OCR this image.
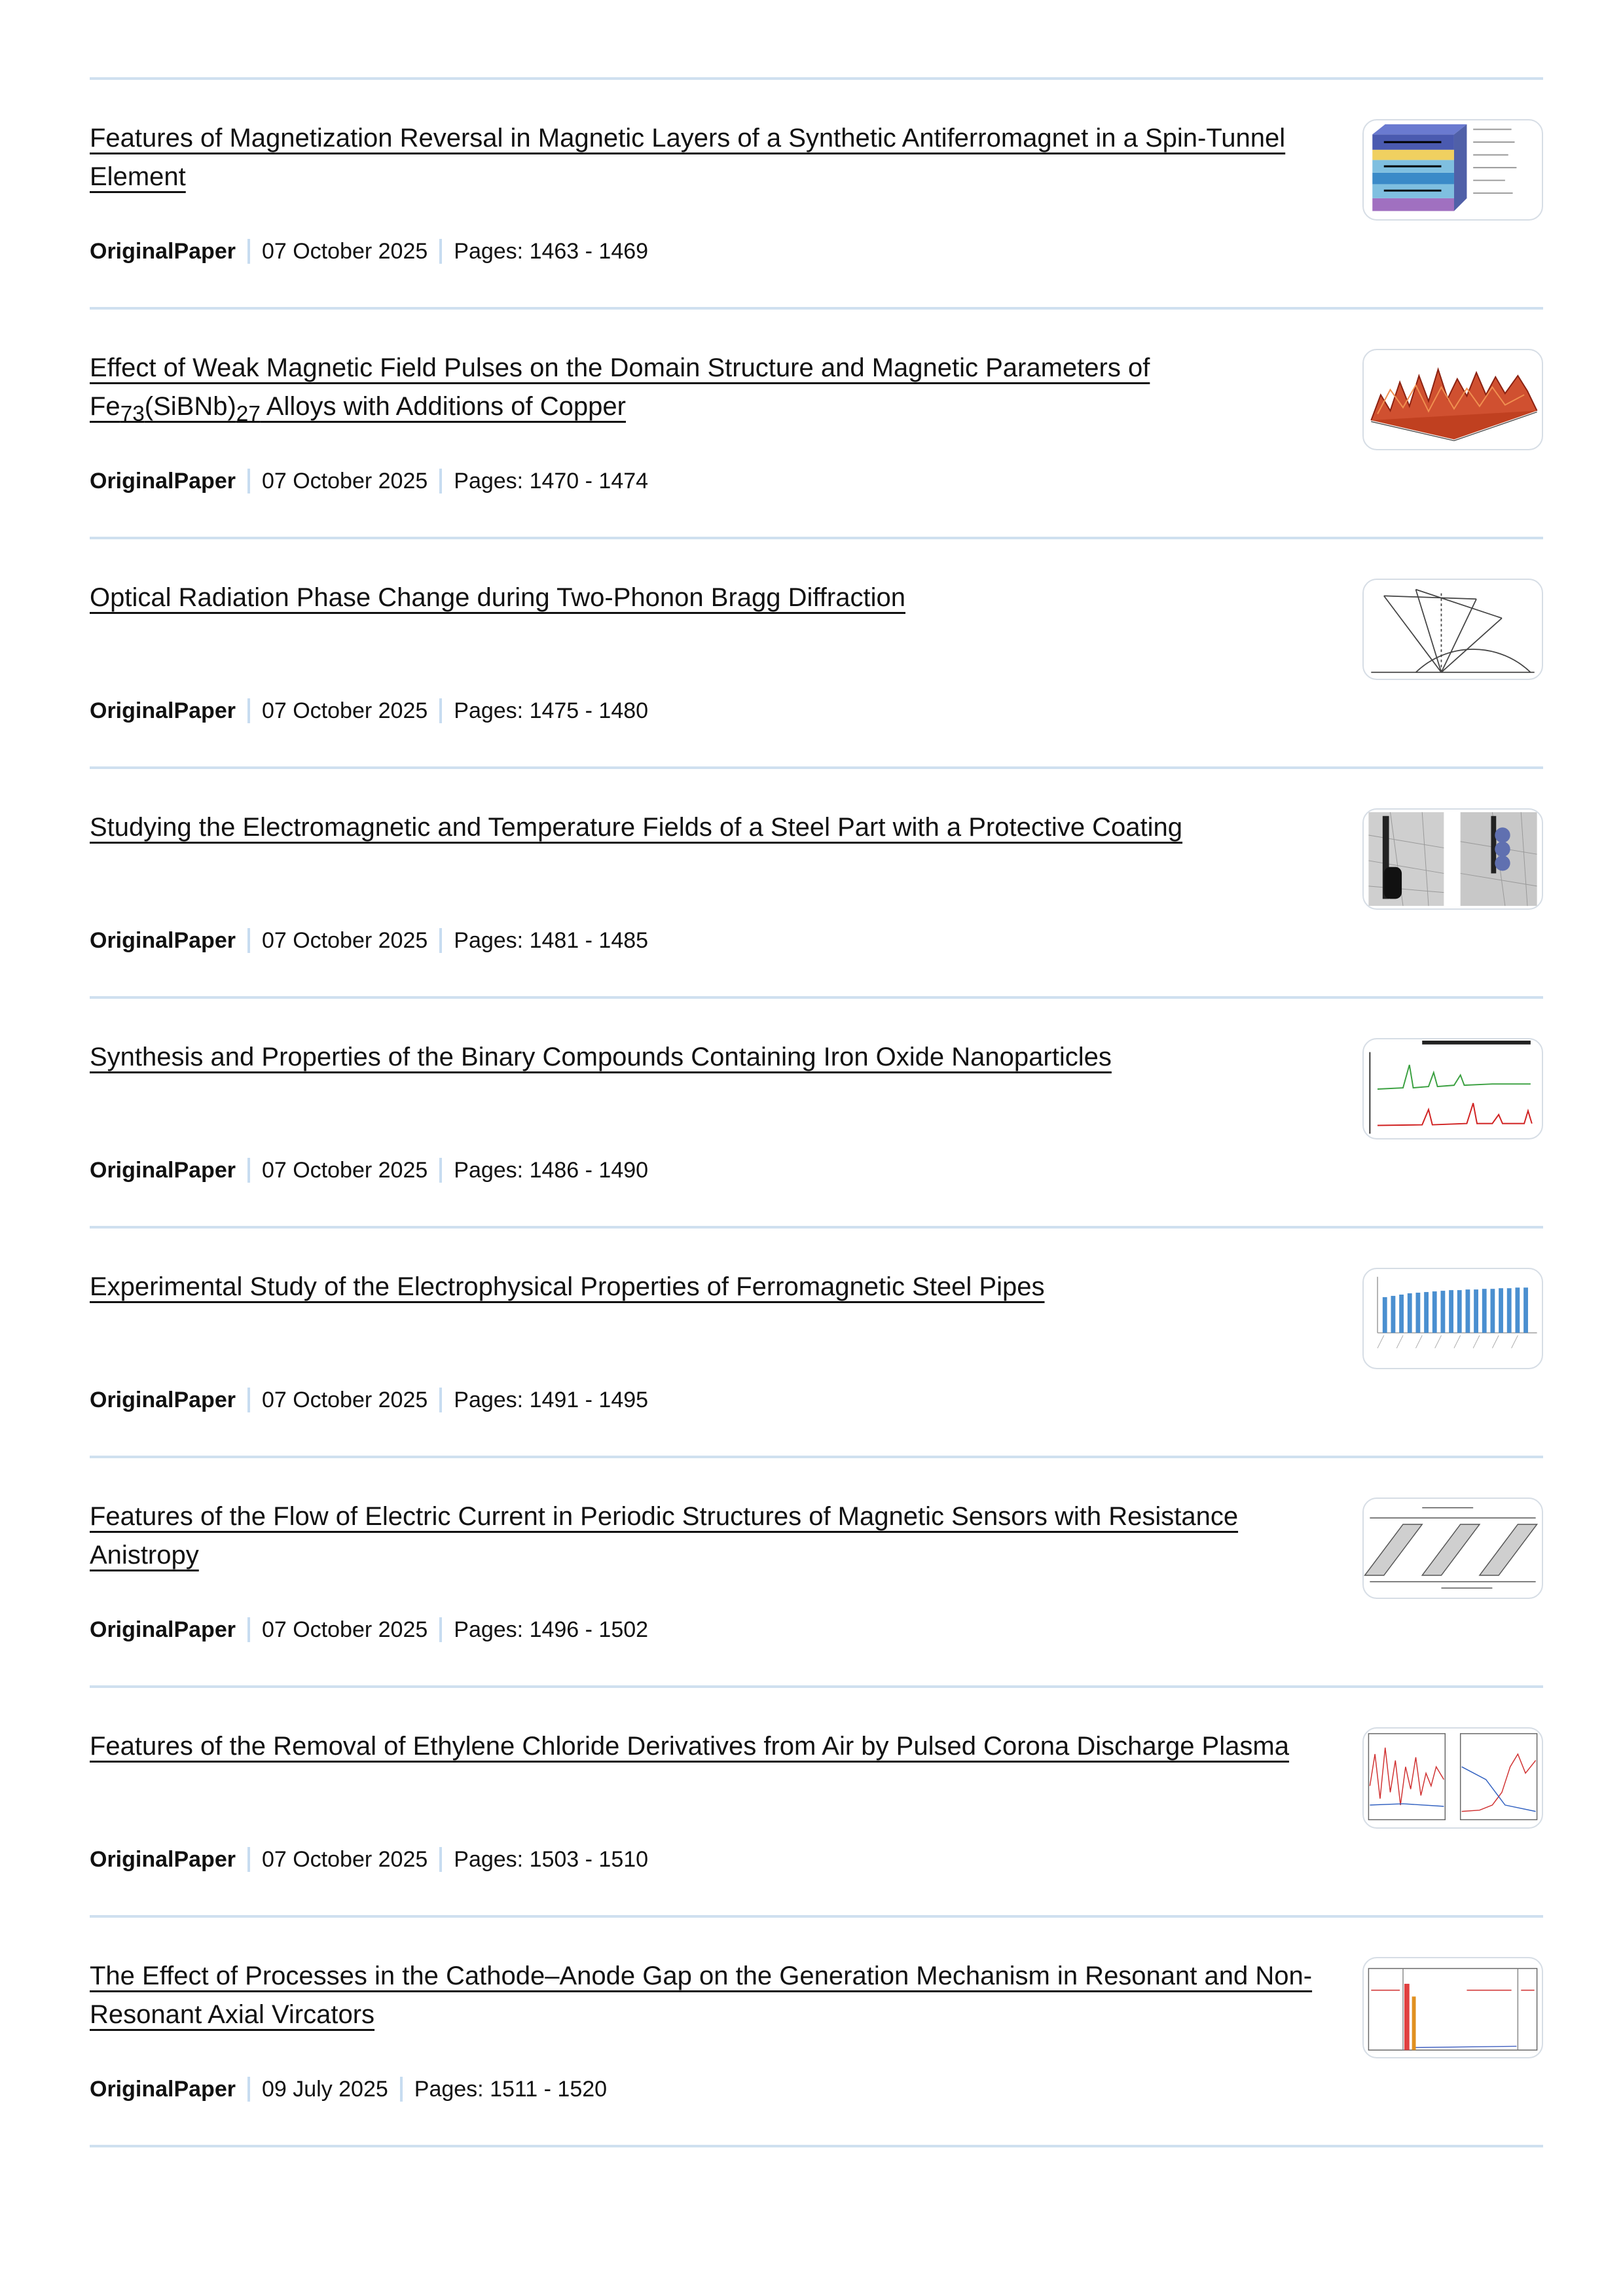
Features of Magnetization Reversal in Magnetic Layers of a Synthetic Antiferromagnet in a Spin-Tunnel Element
OriginalPaper 07 October 2025 Pages: 1463 - 1469
Effect of Weak Magnetic Field Pulses on the Domain Structure and Magnetic Parameters of $Fe_{73}(SiBNb)_{27}$ Alloys with Additions of Copper
OriginalPaper 07 October 2025 Pages: 1470 - 1474
Optical Radiation Phase Change during Two-Phonon Bragg Diffraction
OriginalPaper 07 October 2025 Pages: 1475 - 1480
Studying the Electromagnetic and Temperature Fields of a Steel Part with a Protective Coating
OriginalPaper 07 October 2025 Pages: 1481 - 1485
Synthesis and Properties of the Binary Compounds Containing Iron Oxide Nanoparticles
OriginalPaper 07 October 2025 Pages: 1486 - 1490
Experimental Study of the Electrophysical Properties of Ferromagnetic Steel Pipes
OriginalPaper 07 October 2025 Pages: 1491 - 1495
Features of the Flow of Electric Current in Periodic Structures of Magnetic Sensors with Resistance Anistropy
OriginalPaper 07 October 2025 Pages: 1496 - 1502
Features of the Removal of Ethylene Chloride Derivatives from Air by Pulsed Corona Discharge Plasma
OriginalPaper 07 October 2025 Pages: 1503 - 1510
The Effect of Processes in the Cathode–Anode Gap on the Generation Mechanism in Resonant and Non-Resonant Axial Vircators
OriginalPaper 09 July 2025 Pages: 1511 - 1520
